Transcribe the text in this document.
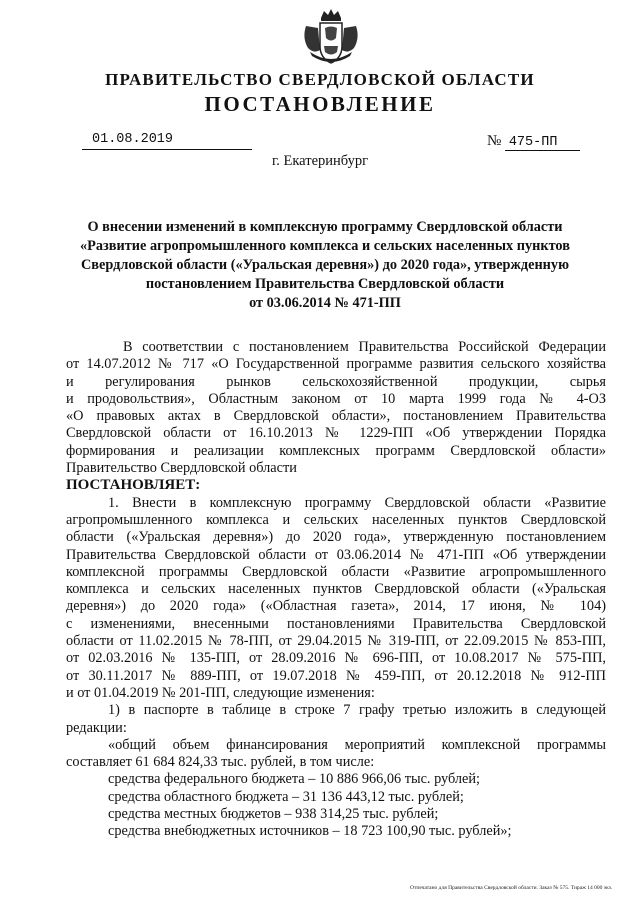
ПРАВИТЕЛЬСТВО СВЕРДЛОВСКОЙ ОБЛАСТИ
ПОСТАНОВЛЕНИЕ
01.08.2019	№ 475-ПП
г. Екатеринбург
О внесении изменений в комплексную программу Свердловской области
«Развитие агропромышленного комплекса и сельских населенных пунктов
Свердловской области («Уральская деревня») до 2020 года», утвержденную
постановлением Правительства Свердловской области
от 03.06.2014 № 471-ПП
В соответствии с постановлением Правительства Российской Федерации
от 14.07.2012 № 717 «О Государственной программе развития сельского хозяйства
и регулирования рынков сельскохозяйственной продукции, сырья
и продовольствия», Областным законом от 10 марта 1999 года № 4-ОЗ
«О правовых актах в Свердловской области», постановлением Правительства
Свердловской области от 16.10.2013 № 1229-ПП «Об утверждении Порядка
формирования и реализации комплексных программ Свердловской области»
Правительство Свердловской области
ПОСТАНОВЛЯЕТ:
1. Внести в комплексную программу Свердловской области «Развитие
агропромышленного комплекса и сельских населенных пунктов Свердловской
области («Уральская деревня») до 2020 года», утвержденную постановлением
Правительства Свердловской области от 03.06.2014 № 471-ПП «Об утверждении
комплексной программы Свердловской области «Развитие агропромышленного
комплекса и сельских населенных пунктов Свердловской области («Уральская
деревня») до 2020 года» («Областная газета», 2014, 17 июня, № 104)
с изменениями, внесенными постановлениями Правительства Свердловской
области от 11.02.2015 № 78-ПП, от 29.04.2015 № 319-ПП, от 22.09.2015 № 853-ПП,
от 02.03.2016 № 135-ПП, от 28.09.2016 № 696-ПП, от 10.08.2017 № 575-ПП,
от 30.11.2017 № 889-ПП, от 19.07.2018 № 459-ПП, от 20.12.2018 № 912-ПП
и от 01.04.2019 № 201-ПП, следующие изменения:
1) в паспорте в таблице в строке 7 графу третью изложить в следующей
редакции:
«общий объем финансирования мероприятий комплексной программы
составляет 61 684 824,33 тыс. рублей, в том числе:
средства федерального бюджета – 10 886 966,06 тыс. рублей;
средства областного бюджета – 31 136 443,12 тыс. рублей;
средства местных бюджетов – 938 314,25 тыс. рублей;
средства внебюджетных источников – 18 723 100,90 тыс. рублей»;
Отпечатано для Правительства Свердловской области. Заказ № 575. Тираж 14 000 экз.
